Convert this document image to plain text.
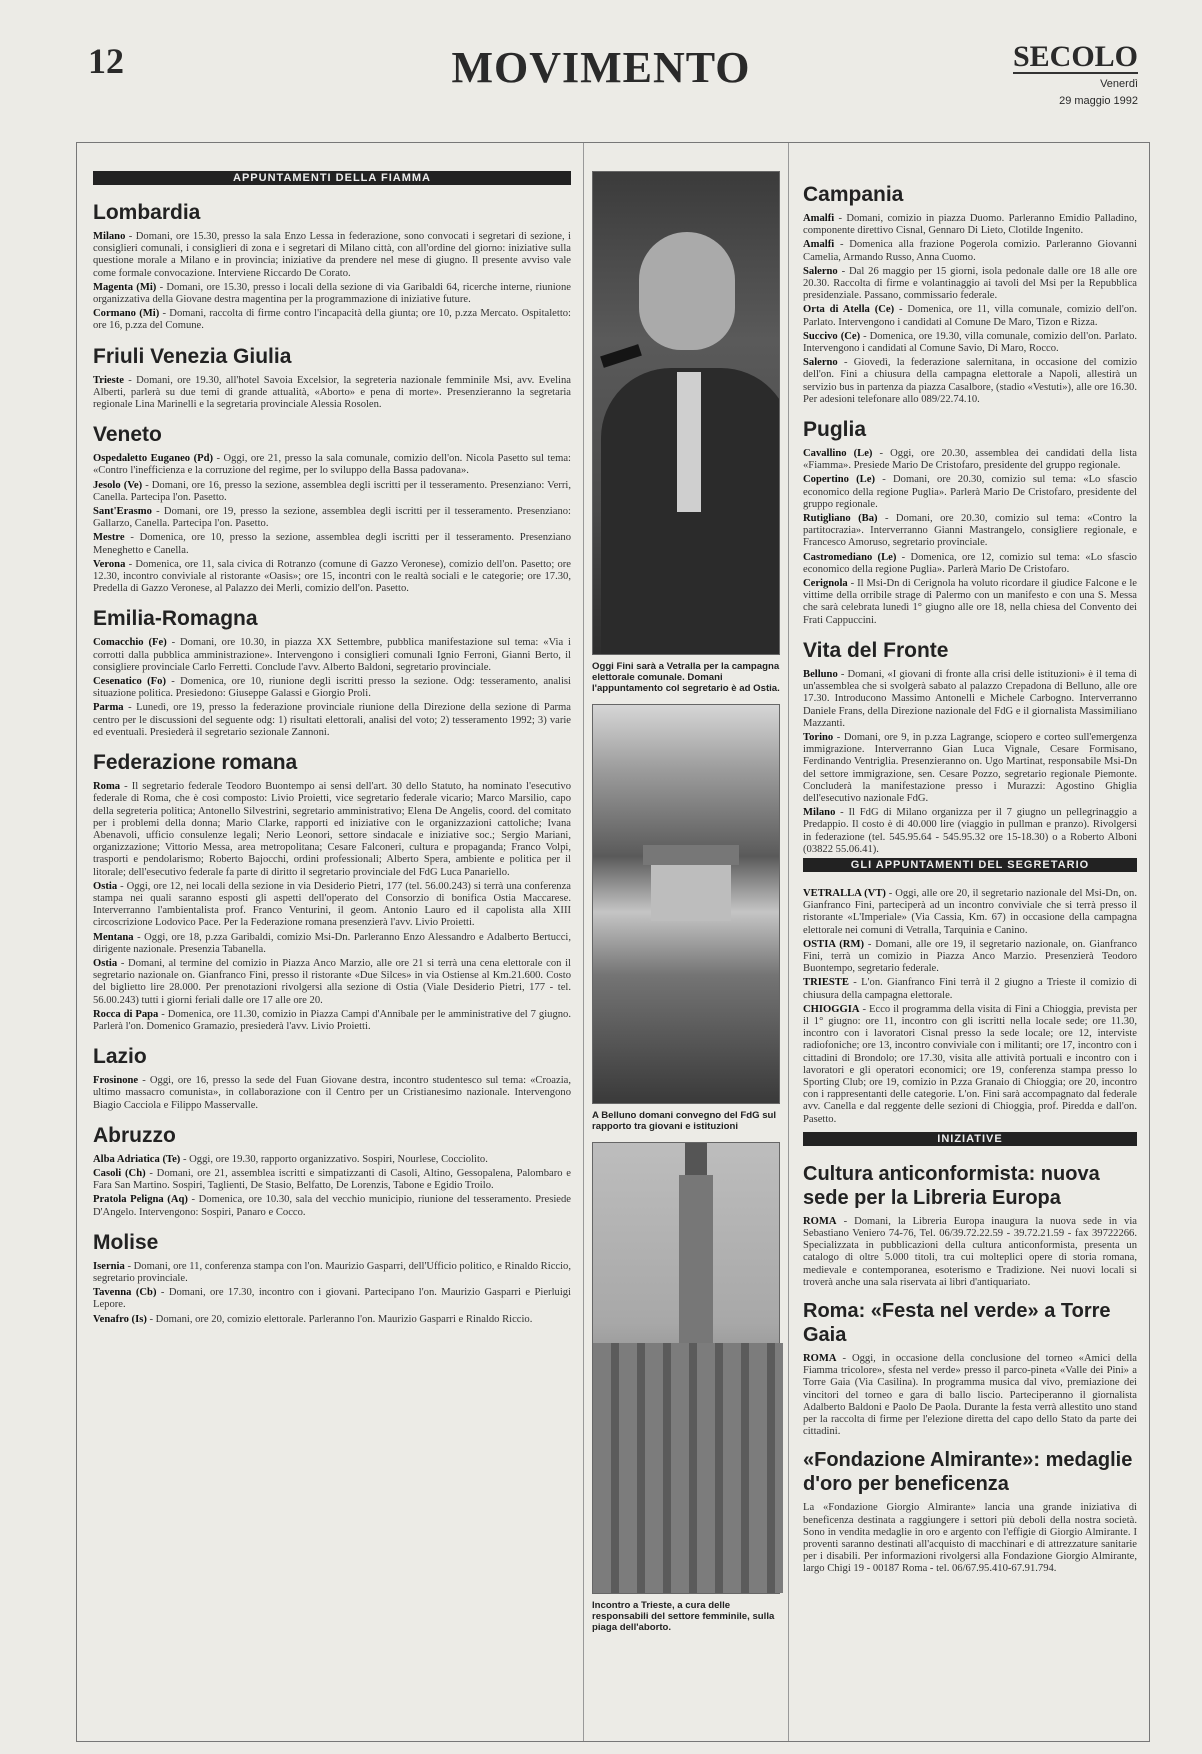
12	MOVIMENTO	SECOLO
Venerdì
29 maggio 1992
APPUNTAMENTI DELLA FIAMMA
Lombardia

Milano - Domani, ore 15.30, presso la sala Enzo Lessa in federazione, sono convocati i segretari di sezione, i consiglieri comunali, i consiglieri di zona e i segretari di Milano città, con all'ordine del giorno: iniziative sulla questione morale a Milano e in provincia; iniziative da prendere nel mese di giugno. Il presente avviso vale come formale convocazione. Interviene Riccardo De Corato.

Magenta (Mi) - Domani, ore 15.30, presso i locali della sezione di via Garibaldi 64, ricerche interne, riunione organizzativa della Giovane destra magentina per la programmazione di iniziative future.

Cormano (Mi) - Domani, raccolta di firme contro l'incapacità della giunta; ore 10, p.zza Mercato. Ospitaletto: ore 16, p.zza del Comune.

Friuli Venezia Giulia

Trieste - Domani, ore 19.30, all'hotel Savoia Excelsior, la segreteria nazionale femminile Msi, avv. Evelina Alberti, parlerà su due temi di grande attualità, «Aborto» e pena di morte». Presenzieranno la segretaria regionale Lina Marinelli e la segretaria provinciale Alessia Rosolen.

Veneto

Ospedaletto Euganeo (Pd) - Oggi, ore 21, presso la sala comunale, comizio dell'on. Nicola Pasetto sul tema: «Contro l'inefficienza e la corruzione del regime, per lo sviluppo della Bassa padovana».

Jesolo (Ve) - Domani, ore 16, presso la sezione, assemblea degli iscritti per il tesseramento. Presenziano: Verri, Canella. Partecipa l'on. Pasetto.

Sant'Erasmo - Domani, ore 19, presso la sezione, assemblea degli iscritti per il tesseramento. Presenziano: Gallarzo, Canella. Partecipa l'on. Pasetto.

Mestre - Domenica, ore 10, presso la sezione, assemblea degli iscritti per il tesseramento. Presenziano Meneghetto e Canella.

Verona - Domenica, ore 11, sala civica di Rotranzo (comune di Gazzo Veronese), comizio dell'on. Pasetto; ore 12.30, incontro conviviale al ristorante «Oasis»; ore 15, incontri con le realtà sociali e le categorie; ore 17.30, Predella di Gazzo Veronese, al Palazzo dei Merli, comizio dell'on. Pasetto.

Emilia-Romagna

Comacchio (Fe) - Domani, ore 10.30, in piazza XX Settembre, pubblica manifestazione sul tema: «Via i corrotti dalla pubblica amministrazione». Intervengono i consiglieri comunali Ignio Ferroni, Gianni Berto, il consigliere provinciale Carlo Ferretti. Conclude l'avv. Alberto Baldoni, segretario provinciale.

Cesenatico (Fo) - Domenica, ore 10, riunione degli iscritti presso la sezione. Odg: tesseramento, analisi situazione politica. Presiedono: Giuseppe Galassi e Giorgio Proli.

Parma - Lunedì, ore 19, presso la federazione provinciale riunione della Direzione della sezione di Parma centro per le discussioni del seguente odg: 1) risultati elettorali, analisi del voto; 2) tesseramento 1992; 3) varie ed eventuali. Presiederà il segretario sezionale Zannoni.

Federazione romana

Roma - Il segretario federale Teodoro Buontempo ai sensi dell'art. 30 dello Statuto, ha nominato l'esecutivo federale di Roma, che è così composto: Livio Proietti, vice segretario federale vicario; Marco Marsilio, capo della segreteria politica; Antonello Silvestrini, segretario amministrativo; Elena De Angelis, coord. del comitato per i problemi della donna; Mario Clarke, rapporti ed iniziative con le organizzazioni cattoliche; Ivana Abenavoli, ufficio consulenze legali; Nerio Leonori, settore sindacale e iniziative soc.; Sergio Mariani, organizzazione; Vittorio Messa, area metropolitana; Cesare Falconeri, cultura e propaganda; Franco Volpi, trasporti e pendolarismo; Roberto Bajocchi, ordini professionali; Alberto Spera, ambiente e politica per il litorale; dell'esecutivo federale fa parte di diritto il segretario provinciale del FdG Luca Panariello.

Ostia - Oggi, ore 12, nei locali della sezione in via Desiderio Pietri, 177 (tel. 56.00.243) si terrà una conferenza stampa nei quali saranno esposti gli aspetti dell'operato del Consorzio di bonifica Ostia Maccarese. Interverranno l'ambientalista prof. Franco Venturini, il geom. Antonio Lauro ed il capolista alla XIII circoscrizione Lodovico Pace. Per la Federazione romana presenzierà l'avv. Livio Proietti.

Mentana - Oggi, ore 18, p.zza Garibaldi, comizio Msi-Dn. Parleranno Enzo Alessandro e Adalberto Bertucci, dirigente nazionale. Presenzia Tabanella.

Ostia - Domani, al termine del comizio in Piazza Anco Marzio, alle ore 21 si terrà una cena elettorale con il segretario nazionale on. Gianfranco Fini, presso il ristorante «Due Silces» in via Ostiense al Km.21.600. Costo del biglietto lire 28.000. Per prenotazioni rivolgersi alla sezione di Ostia (Viale Desiderio Pietri, 177 - tel. 56.00.243) tutti i giorni feriali dalle ore 17 alle ore 20.

Rocca di Papa - Domenica, ore 11.30, comizio in Piazza Campi d'Annibale per le amministrative del 7 giugno. Parlerà l'on. Domenico Gramazio, presiederà l'avv. Livio Proietti.

Lazio

Frosinone - Oggi, ore 16, presso la sede del Fuan Giovane destra, incontro studentesco sul tema: «Croazia, ultimo massacro comunista», in collaborazione con il Centro per un Cristianesimo nazionale. Intervengono Biagio Cacciola e Filippo Masservalle.

Abruzzo

Alba Adriatica (Te) - Oggi, ore 19.30, rapporto organizzativo. Sospiri, Nourlese, Cocciolito.

Casoli (Ch) - Domani, ore 21, assemblea iscritti e simpatizzanti di Casoli, Altino, Gessopalena, Palombaro e Fara San Martino. Sospiri, Taglienti, De Stasio, Belfatto, De Lorenzis, Tabone e Egidio Troilo.

Pratola Peligna (Aq) - Domenica, ore 10.30, sala del vecchio municipio, riunione del tesseramento. Presiede D'Angelo. Intervengono: Sospiri, Panaro e Cocco.

Molise

Isernia - Domani, ore 11, conferenza stampa con l'on. Maurizio Gasparri, dell'Ufficio politico, e Rinaldo Riccio, segretario provinciale.

Tavenna (Cb) - Domani, ore 17.30, incontro con i giovani. Partecipano l'on. Maurizio Gasparri e Pierluigi Lepore.

Venafro (Is) - Domani, ore 20, comizio elettorale. Parleranno l'on. Maurizio Gasparri e Rinaldo Riccio.

Oggi Fini sarà a Vetralla per la campagna elettorale comunale. Domani l'appuntamento col segretario è ad Ostia.
A Belluno domani convegno del FdG sul rapporto tra giovani e istituzioni
Incontro a Trieste, a cura delle responsabili del settore femminile, sulla piaga dell'aborto.
Campania

Amalfi - Domani, comizio in piazza Duomo. Parleranno Emidio Palladino, componente direttivo Cisnal, Gennaro Di Lieto, Clotilde Ingenito.

Amalfi - Domenica alla frazione Pogerola comizio. Parleranno Giovanni Camelia, Armando Russo, Anna Cuomo.

Salerno - Dal 26 maggio per 15 giorni, isola pedonale dalle ore 18 alle ore 20.30. Raccolta di firme e volantinaggio ai tavoli del Msi per la Repubblica presidenziale. Passano, commissario federale.

Orta di Atella (Ce) - Domenica, ore 11, villa comunale, comizio dell'on. Parlato. Intervengono i candidati al Comune De Maro, Tizon e Rizza.

Succivo (Ce) - Domenica, ore 19.30, villa comunale, comizio dell'on. Parlato. Intervengono i candidati al Comune Savio, Di Maro, Rocco.

Salerno - Giovedì, la federazione salernitana, in occasione del comizio dell'on. Fini a chiusura della campagna elettorale a Napoli, allestirà un servizio bus in partenza da piazza Casalbore, (stadio «Vestuti»), alle ore 16.30. Per adesioni telefonare allo 089/22.74.10.

Puglia

Cavallino (Le) - Oggi, ore 20.30, assemblea dei candidati della lista «Fiamma». Presiede Mario De Cristofaro, presidente del gruppo regionale.

Copertino (Le) - Domani, ore 20.30, comizio sul tema: «Lo sfascio economico della regione Puglia». Parlerà Mario De Cristofaro, presidente del gruppo regionale.

Rutigliano (Ba) - Domani, ore 20.30, comizio sul tema: «Contro la partitocrazia». Interverranno Gianni Mastrangelo, consigliere regionale, e Francesco Amoruso, segretario provinciale.

Castromediano (Le) - Domenica, ore 12, comizio sul tema: «Lo sfascio economico della regione Puglia». Parlerà Mario De Cristofaro.

Cerignola - Il Msi-Dn di Cerignola ha voluto ricordare il giudice Falcone e le vittime della orribile strage di Palermo con un manifesto e con una S. Messa che sarà celebrata lunedì 1° giugno alle ore 18, nella chiesa del Convento dei Frati Cappuccini.

Vita del Fronte

Belluno - Domani, «I giovani di fronte alla crisi delle istituzioni» è il tema di un'assemblea che si svolgerà sabato al palazzo Crepadona di Belluno, alle ore 17.30. Introducono Massimo Antonelli e Michele Carbogno. Interverranno Daniele Frans, della Direzione nazionale del FdG e il giornalista Massimiliano Mazzanti.

Torino - Domani, ore 9, in p.zza Lagrange, sciopero e corteo sull'emergenza immigrazione. Interverranno Gian Luca Vignale, Cesare Formisano, Ferdinando Ventriglia. Presenzieranno on. Ugo Martinat, responsabile Msi-Dn del settore immigrazione, sen. Cesare Pozzo, segretario regionale Piemonte. Concluderà la manifestazione presso i Murazzi: Agostino Ghiglia dell'esecutivo nazionale FdG.

Milano - Il FdG di Milano organizza per il 7 giugno un pellegrinaggio a Predappio. Il costo è di 40.000 lire (viaggio in pullman e pranzo). Rivolgersi in federazione (tel. 545.95.64 - 545.95.32 ore 15-18.30) o a Roberto Alboni (03822 55.06.41).

GLI APPUNTAMENTI DEL SEGRETARIO

VETRALLA (VT) - Oggi, alle ore 20, il segretario nazionale del Msi-Dn, on. Gianfranco Fini, parteciperà ad un incontro conviviale che si terrà presso il ristorante «L'Imperiale» (Via Cassia, Km. 67) in occasione della campagna elettorale nei comuni di Vetralla, Tarquinia e Canino.

OSTIA (RM) - Domani, alle ore 19, il segretario nazionale, on. Gianfranco Fini, terrà un comizio in Piazza Anco Marzio. Presenzierà Teodoro Buontempo, segretario federale.

TRIESTE - L'on. Gianfranco Fini terrà il 2 giugno a Trieste il comizio di chiusura della campagna elettorale.

CHIOGGIA - Ecco il programma della visita di Fini a Chioggia, prevista per il 1° giugno: ore 11, incontro con gli iscritti nella locale sede; ore 11.30, incontro con i lavoratori Cisnal presso la sede locale; ore 12, interviste radiofoniche; ore 13, incontro conviviale con i militanti; ore 17, incontro con i cittadini di Brondolo; ore 17.30, visita alle attività portuali e incontro con i lavoratori e gli operatori economici; ore 19, conferenza stampa presso lo Sporting Club; ore 19, comizio in P.zza Granaio di Chioggia; ore 20, incontro con i rappresentanti delle categorie. L'on. Fini sarà accompagnato dal federale avv. Canella e dal reggente delle sezioni di Chioggia, prof. Piredda e dall'on. Pasetto.

INIZIATIVE
Cultura anticonformista: nuova sede per la Libreria Europa

ROMA - Domani, la Libreria Europa inaugura la nuova sede in via Sebastiano Veniero 74-76, Tel. 06/39.72.22.59 - 39.72.21.59 - fax 39722266. Specializzata in pubblicazioni della cultura anticonformista, presenta un catalogo di oltre 5.000 titoli, tra cui molteplici opere di storia romana, medievale e contemporanea, esoterismo e Tradizione. Nei nuovi locali si troverà anche una sala riservata ai libri d'antiquariato.

Roma: «Festa nel verde» a Torre Gaia

ROMA - Oggi, in occasione della conclusione del torneo «Amici della Fiamma tricolore», sfesta nel verde» presso il parco-pineta «Valle dei Pini» a Torre Gaia (Via Casilina). In programma musica dal vivo, premiazione dei vincitori del torneo e gara di ballo liscio. Parteciperanno il giornalista Adalberto Baldoni e Paolo De Paola. Durante la festa verrà allestito uno stand per la raccolta di firme per l'elezione diretta del capo dello Stato da parte dei cittadini.

«Fondazione Almirante»: medaglie d'oro per beneficenza

La «Fondazione Giorgio Almirante» lancia una grande iniziativa di beneficenza destinata a raggiungere i settori più deboli della nostra società. Sono in vendita medaglie in oro e argento con l'effigie di Giorgio Almirante. I proventi saranno destinati all'acquisto di macchinari e di attrezzature sanitarie per i disabili. Per informazioni rivolgersi alla Fondazione Giorgio Almirante, largo Chigi 19 - 00187 Roma - tel. 06/67.95.410-67.91.794.
